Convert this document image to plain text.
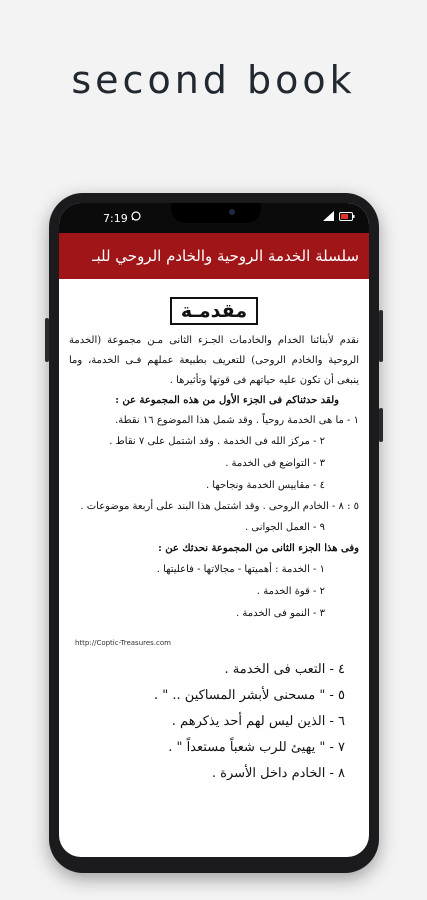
second book
7:19
سلسلة الخدمة الروحية والخادم الروحي للبـ
مقدمـة
نقدم لأبنائنا الخدام والخادمات الجـزء الثانى مـن مجموعة (الخدمة الروحية والخادم الروحى) للتعريف بطبيعة عملهم فـى الخدمة، وما ينبغى أن تكون عليه حياتهم فى قوتها وتأثيرها .
ولقد حدثناكم فى الجزء الأول من هذه المجموعة عن :
١ - ما هى الخدمة روحياً . وقد شمل هذا الموضوع ١٦ نقطة.
٢ - مركز الله فى الخدمة . وقد اشتمل على ٧ نقاط .
٣ - التواضع فى الخدمة .
٤ - مقاييس الخدمة ونجاحها .
٥ : ٨ - الخادم الروحى . وقد اشتمل هذا البند على أربعة موضوعات .
٩ - العمل الجوانى .
وفى هذا الجزء الثانى من المجموعة نحدثك عن :
١ - الخدمة : أهميتها - مجالاتها - فاعليتها .
٢ - قوة الخدمة .
٣ - النمو فى الخدمة .
http://Coptic-Treasures.com
٤ - التعب فى الخدمة .
٥ - " مسحنى لأبشر المساكين .. " .
٦ - الذين ليس لهم أحد يذكرهم .
٧ - " يهيئ للرب شعباً مستعداً " .
٨ - الخادم داخل الأسرة .
